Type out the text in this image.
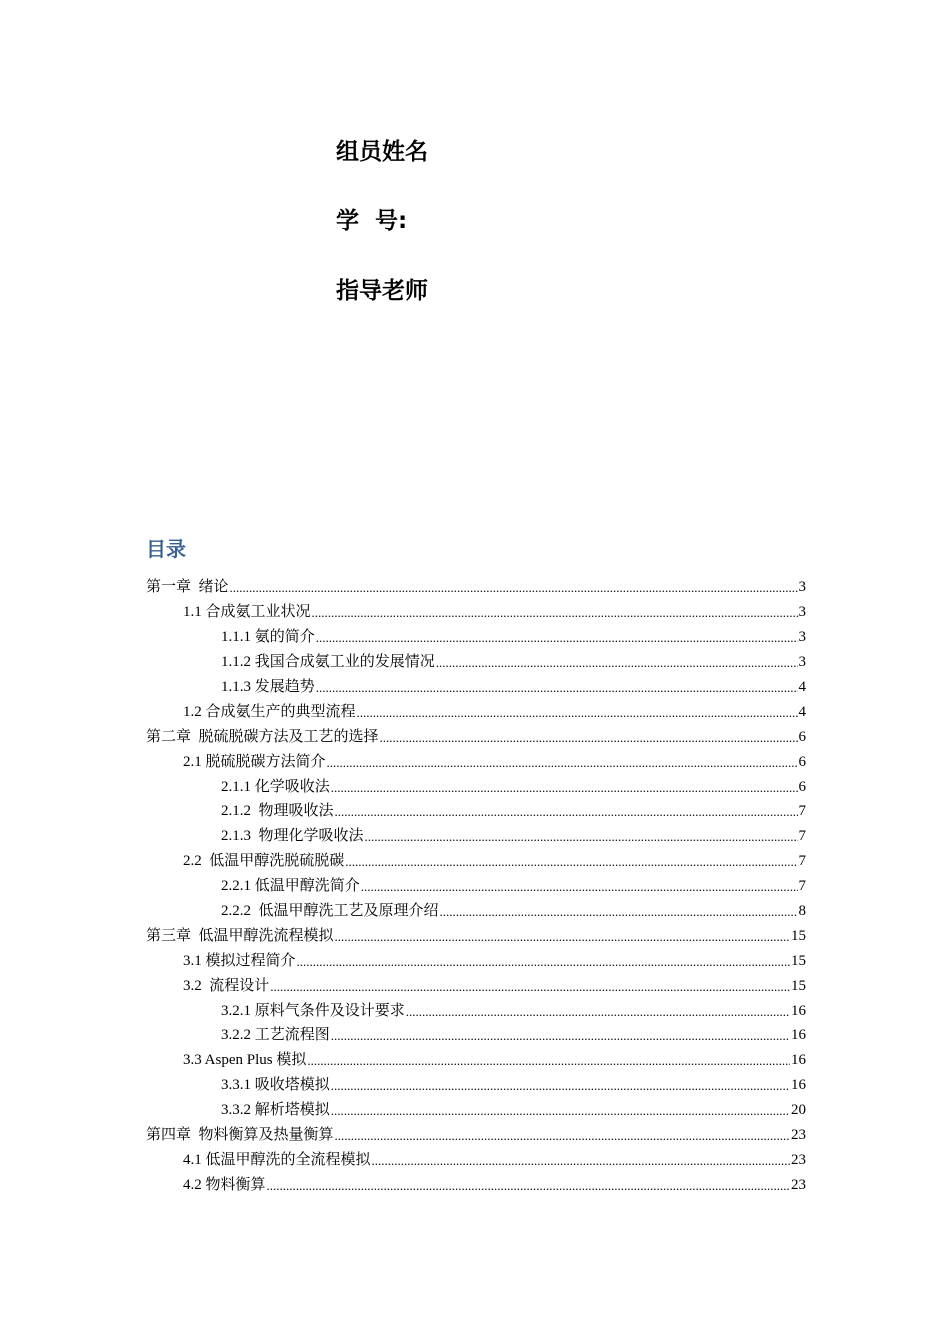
组员姓名
学  号:
指导老师
目录
第一章  绪论 .....	3
1.1 合成氨工业状况 .....	3
1.1.1 氨的简介 .....	3
1.1.2 我国合成氨工业的发展情况 .....	3
1.1.3 发展趋势 .....	4
1.2 合成氨生产的典型流程 .....	4
第二章  脱硫脱碳方法及工艺的选择 .....	6
2.1 脱硫脱碳方法简介 .....	6
2.1.1 化学吸收法 .....	6
2.1.2  物理吸收法 .....	7
2.1.3  物理化学吸收法 .....	7
2.2  低温甲醇洗脱硫脱碳 .....	7
2.2.1 低温甲醇洗简介 .....	7
2.2.2  低温甲醇洗工艺及原理介绍 .....	8
第三章  低温甲醇洗流程模拟 .....	15
3.1 模拟过程简介 .....	15
3.2  流程设计 .....	15
3.2.1 原料气条件及设计要求 .....	16
3.2.2 工艺流程图 .....	16
3.3 Aspen Plus 模拟 .....	16
3.3.1 吸收塔模拟 .....	16
3.3.2 解析塔模拟 .....	20
第四章  物料衡算及热量衡算 .....	23
4.1 低温甲醇洗的全流程模拟 .....	23
4.2 物料衡算 .....	23
